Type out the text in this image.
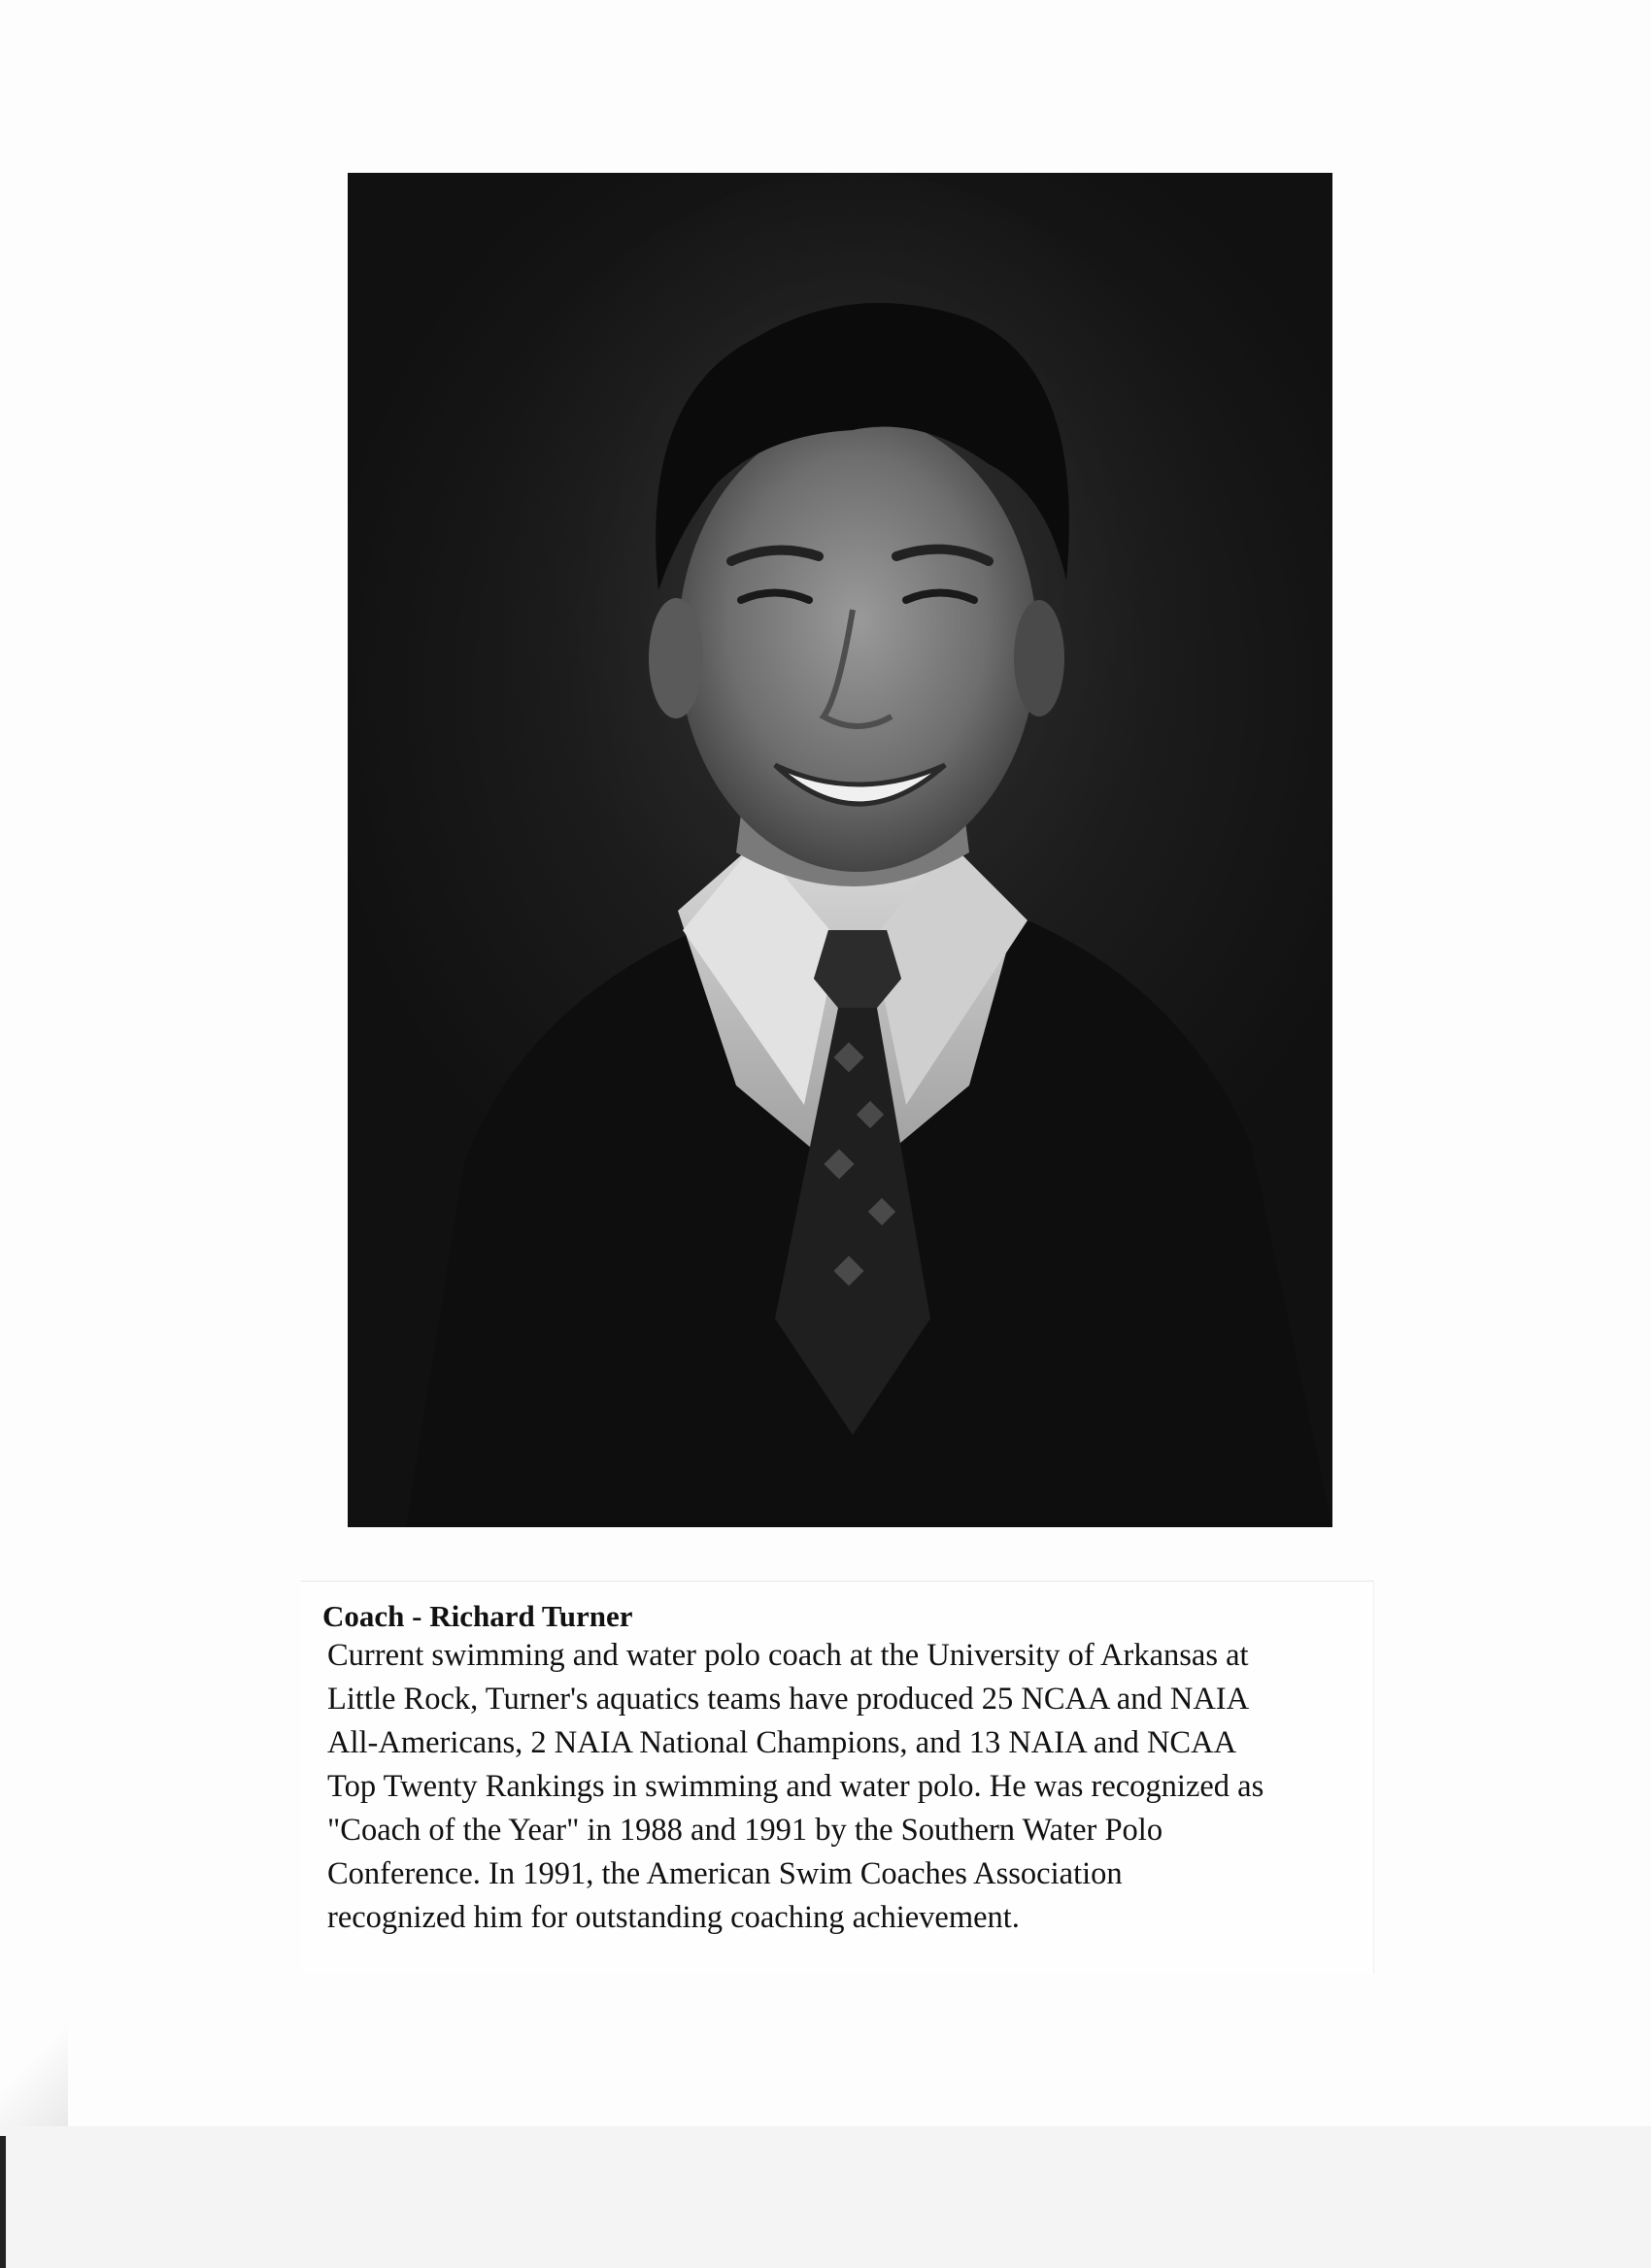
Coach - Richard Turner
Current swimming and water polo coach at the University of Arkansas at
Little Rock, Turner's aquatics teams have produced 25 NCAA and NAIA
All-Americans, 2 NAIA National Champions, and 13 NAIA and NCAA
Top Twenty Rankings in swimming and water polo. He was recognized as
"Coach of the Year" in 1988 and 1991 by the Southern Water Polo
Conference. In 1991, the American Swim Coaches Association
recognized him for outstanding coaching achievement.
